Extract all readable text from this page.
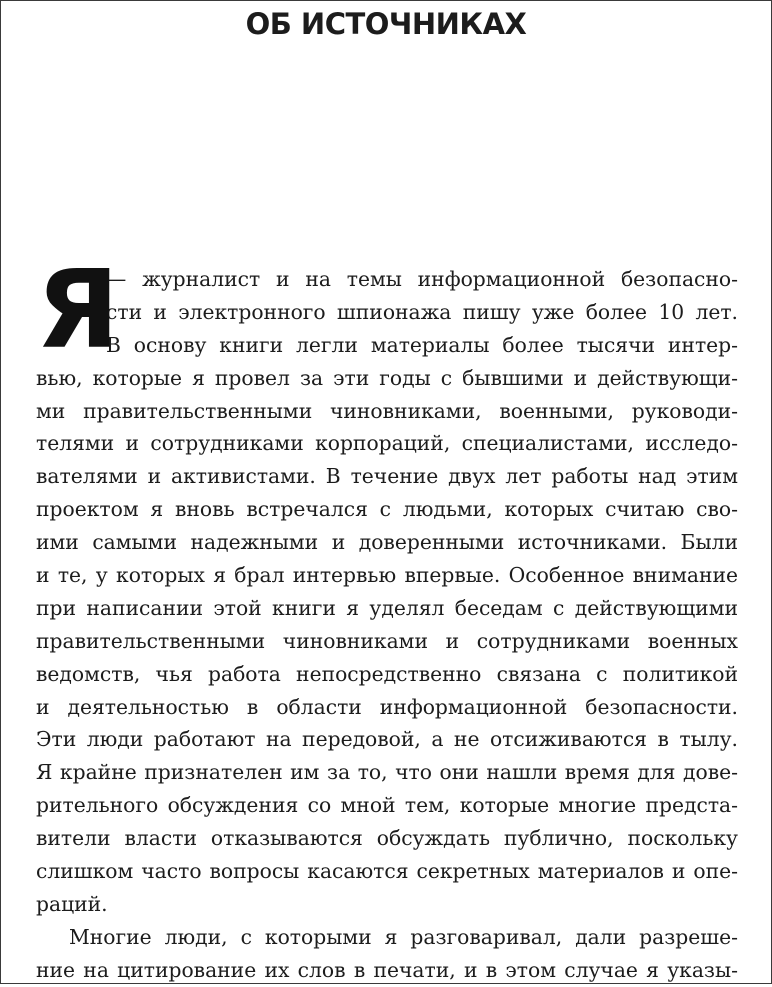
ОБ ИСТОЧНИКАХ
Я
— журналист и на темы информационной безопасно-
сти и электронного шпионажа пишу уже более 10 лет.
В основу книги легли материалы более тысячи интер-
вью, которые я провел за эти годы с бывшими и действующи-
ми правительственными чиновниками, военными, руководи-
телями и сотрудниками корпораций, специалистами, исследо-
вателями и активистами. В течение двух лет работы над этим
проектом я вновь встречался с людьми, которых считаю сво-
ими самыми надежными и доверенными источниками. Были
и те, у которых я брал интервью впервые. Особенное внимание
при написании этой книги я уделял беседам с действующими
правительственными чиновниками и сотрудниками военных
ведомств, чья работа непосредственно связана с политикой
и деятельностью в области информационной безопасности.
Эти люди работают на передовой, а не отсиживаются в тылу.
Я крайне признателен им за то, что они нашли время для дове-
рительного обсуждения со мной тем, которые многие предста-
вители власти отказываются обсуждать публично, поскольку
слишком часто вопросы касаются секретных материалов и опе-
раций.
Многие люди, с которыми я разговаривал, дали разреше-
ние на цитирование их слов в печати, и в этом случае я указы-
